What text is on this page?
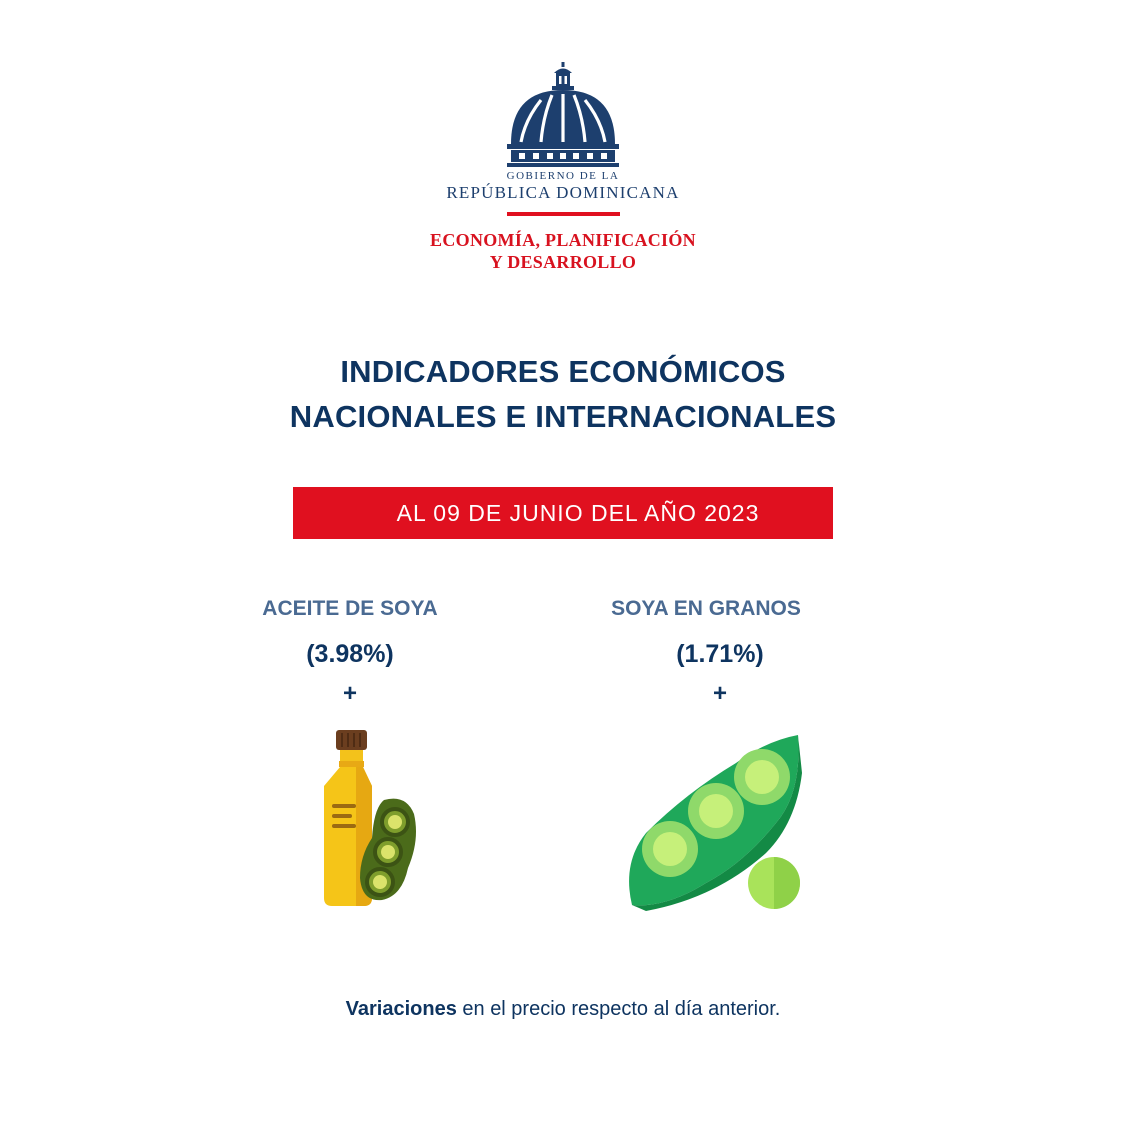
GOBIERNO DE LA
REPÚBLICA DOMINICANA
ECONOMÍA, PLANIFICACIÓN
Y DESARROLLO
INDICADORES ECONÓMICOS
NACIONALES E INTERNACIONALES
AL 09 DE JUNIO DEL AÑO 2023
ACEITE DE SOYA
(3.98%)
+
SOYA EN GRANOS
(1.71%)
+
Variaciones en el precio respecto al día anterior.
